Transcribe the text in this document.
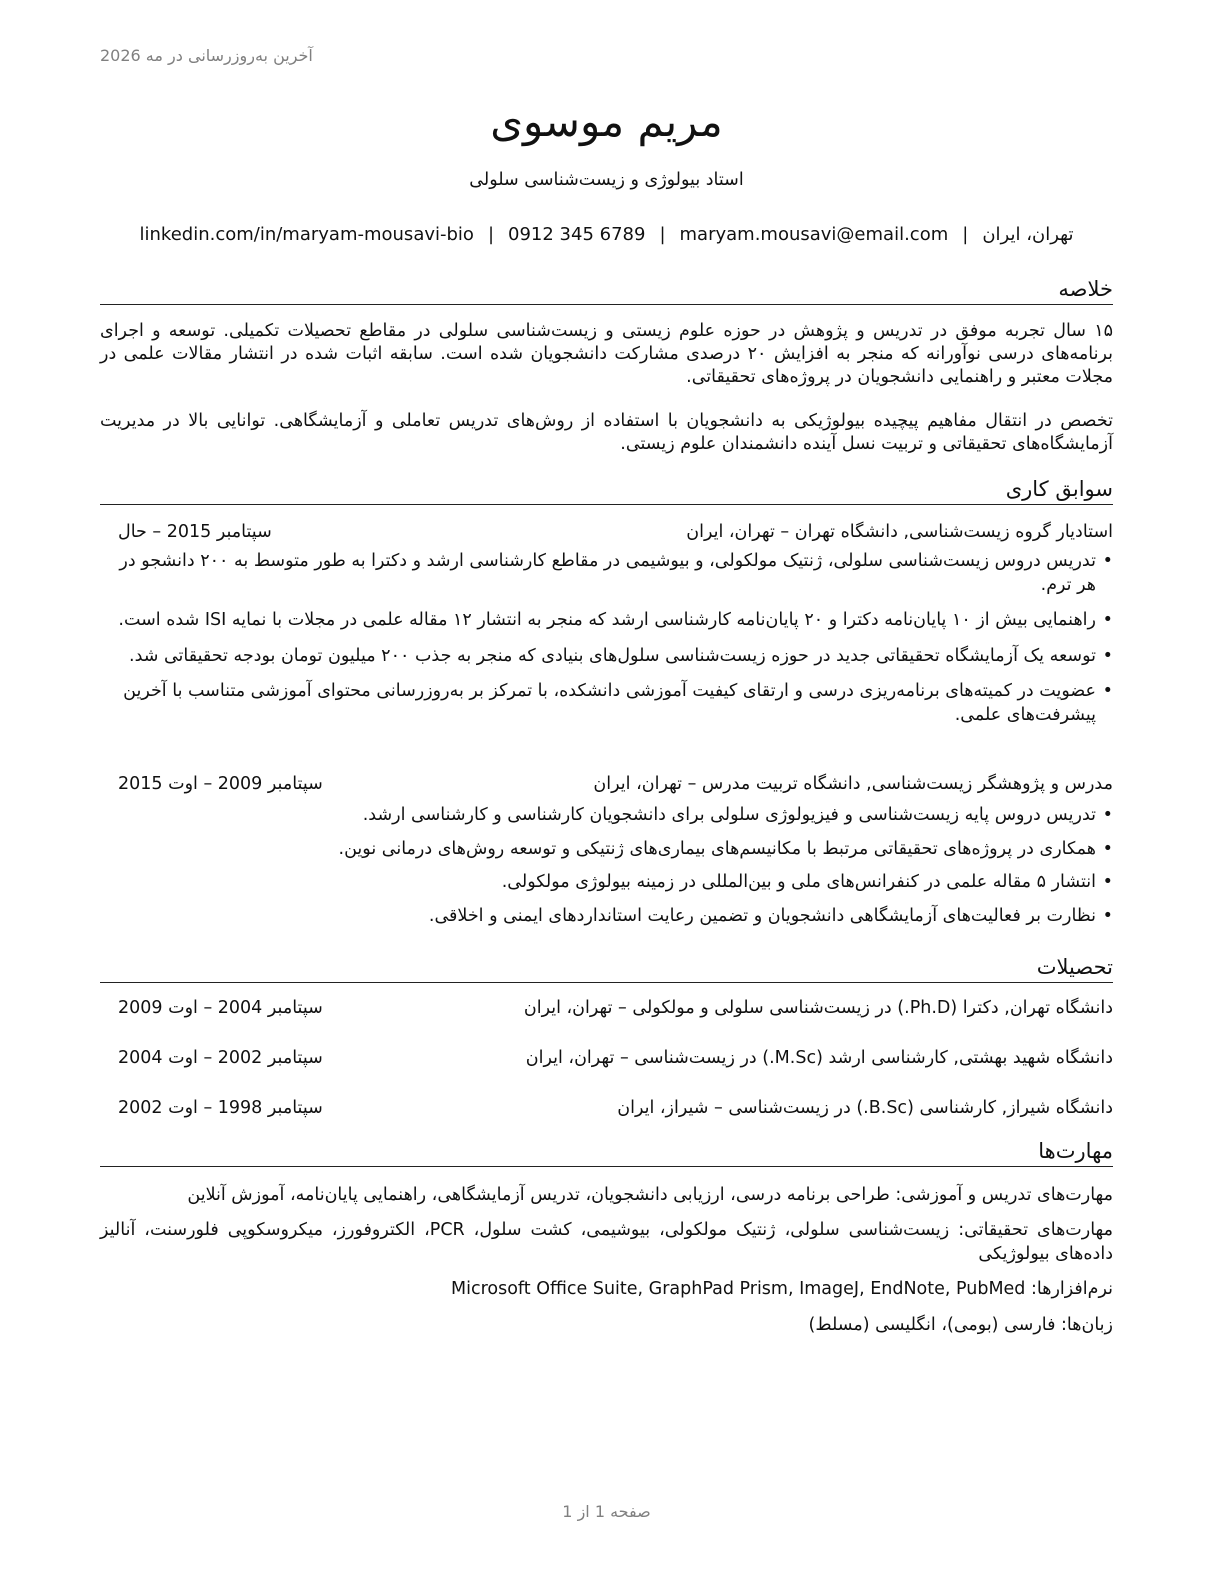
آخرین به‌روزرسانی در مه 2026
مریم موسوی
استاد بیولوژی و زیست‌شناسی سلولی
تهران، ایران|maryam.mousavi@email.com|0912 345 6789|linkedin.com/in/maryam-mousavi-bio
خلاصه

۱۵ سال تجربه موفق در تدریس و پژوهش در حوزه علوم زیستی و زیست‌شناسی سلولی در مقاطع تحصیلات تکمیلی. توسعه و اجرای برنامه‌های درسی نوآورانه که منجر به افزایش ۲۰ درصدی مشارکت دانشجویان شده است. سابقه اثبات شده در انتشار مقالات علمی در مجلات معتبر و راهنمایی دانشجویان در پروژه‌های تحقیقاتی.

تخصص در انتقال مفاهیم پیچیده بیولوژیکی به دانشجویان با استفاده از روش‌های تدریس تعاملی و آزمایشگاهی. توانایی بالا در مدیریت آزمایشگاه‌های تحقیقاتی و تربیت نسل آینده دانشمندان علوم زیستی.

سوابق کاری
استادیار گروه زیست‌شناسی, دانشگاه تهران – تهران، ایران
سپتامبر 2015 – حال
• تدریس دروس زیست‌شناسی سلولی، ژنتیک مولکولی، و بیوشیمی در مقاطع کارشناسی ارشد و دکترا به طور متوسط به ۲۰۰ دانشجو در هر ترم.
• راهنمایی بیش از ۱۰ پایان‌نامه دکترا و ۲۰ پایان‌نامه کارشناسی ارشد که منجر به انتشار ۱۲ مقاله علمی در مجلات با نمایه ISI شده است.
• توسعه یک آزمایشگاه تحقیقاتی جدید در حوزه زیست‌شناسی سلول‌های بنیادی که منجر به جذب ۲۰۰ میلیون تومان بودجه تحقیقاتی شد.
• عضویت در کمیته‌های برنامه‌ریزی درسی و ارتقای کیفیت آموزشی دانشکده، با تمرکز بر به‌روزرسانی محتوای آموزشی متناسب با آخرین پیشرفت‌های علمی.
مدرس و پژوهشگر زیست‌شناسی, دانشگاه تربیت مدرس – تهران، ایران
سپتامبر 2009 – اوت 2015
• تدریس دروس پایه زیست‌شناسی و فیزیولوژی سلولی برای دانشجویان کارشناسی و کارشناسی ارشد.
• همکاری در پروژه‌های تحقیقاتی مرتبط با مکانیسم‌های بیماری‌های ژنتیکی و توسعه روش‌های درمانی نوین.
• انتشار ۵ مقاله علمی در کنفرانس‌های ملی و بین‌المللی در زمینه بیولوژی مولکولی.
• نظارت بر فعالیت‌های آزمایشگاهی دانشجویان و تضمین رعایت استانداردهای ایمنی و اخلاقی.
تحصیلات
دانشگاه تهران, دکترا (Ph.D.) در زیست‌شناسی سلولی و مولکولی – تهران، ایران
سپتامبر 2004 – اوت 2009
دانشگاه شهید بهشتی, کارشناسی ارشد (M.Sc.) در زیست‌شناسی – تهران، ایران
سپتامبر 2002 – اوت 2004
دانشگاه شیراز, کارشناسی (B.Sc.) در زیست‌شناسی – شیراز، ایران
سپتامبر 1998 – اوت 2002
مهارت‌ها
مهارت‌های تدریس و آموزشی: طراحی برنامه درسی، ارزیابی دانشجویان، تدریس آزمایشگاهی، راهنمایی پایان‌نامه، آموزش آنلاین
مهارت‌های تحقیقاتی: زیست‌شناسی سلولی، ژنتیک مولکولی، بیوشیمی، کشت سلول، PCR، الکتروفورز، میکروسکوپی فلورسنت، آنالیز داده‌های بیولوژیکی
نرم‌افزارها: Microsoft Office Suite, GraphPad Prism, ImageJ, EndNote, PubMed
زبان‌ها: فارسی (بومی)، انگلیسی (مسلط)
صفحه 1 از 1
